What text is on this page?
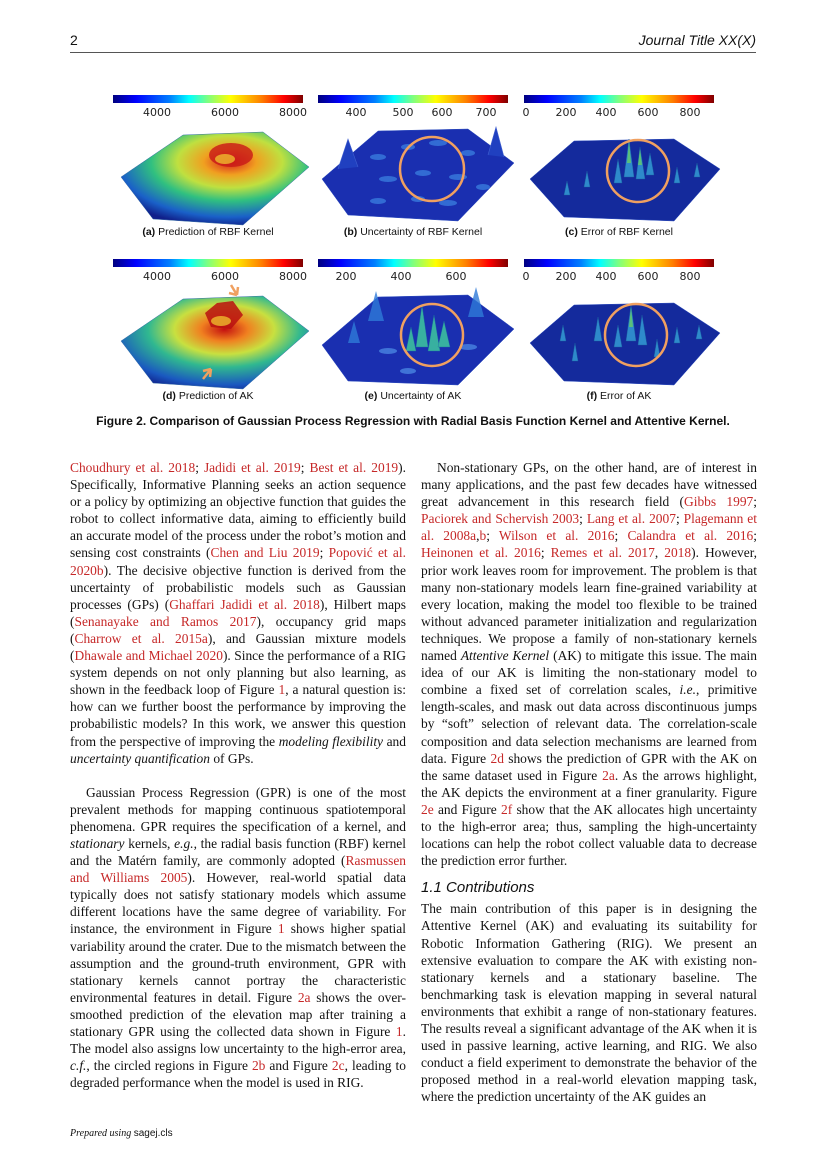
2	Journal Title XX(X)
4000	6000	8000
(a) Prediction of RBF Kernel
400 500 600 700
(b) Uncertainty of RBF Kernel
0 200 400 600 800
(c) Error of RBF Kernel
4000	6000	8000
(d) Prediction of AK
200	400	600
(e) Uncertainty of AK
0 200 400 600 800
(f) Error of AK
Figure 2. Comparison of Gaussian Process Regression with Radial Basis Function Kernel and Attentive Kernel.

Choudhury et al. 2018; Jadidi et al. 2019; Best et al. 2019). Specifically, Informative Planning seeks an action sequence or a policy by optimizing an objective function that guides the robot to collect informative data, aiming to efficiently build an accurate model of the process under the robot’s motion and sensing cost constraints (Chen and Liu 2019; Popović et al. 2020b). The decisive objective function is derived from the uncertainty of probabilistic models such as Gaussian processes (GPs) (Ghaffari Jadidi et al. 2018), Hilbert maps (Senanayake and Ramos 2017), occupancy grid maps (Charrow et al. 2015a), and Gaussian mixture models (Dhawale and Michael 2020). Since the performance of a RIG system depends on not only planning but also learning, as shown in the feedback loop of Figure 1, a natural question is: how can we further boost the performance by improving the probabilistic models? In this work, we answer this question from the perspective of improving the modeling flexibility and uncertainty quantification of GPs.

Gaussian Process Regression (GPR) is one of the most prevalent methods for mapping continuous spatiotemporal phenomena. GPR requires the specification of a kernel, and stationary kernels, e.g., the radial basis function (RBF) kernel and the Matérn family, are commonly adopted (Rasmussen and Williams 2005). However, real-world spatial data typically does not satisfy stationary models which assume different locations have the same degree of variability. For instance, the environment in Figure 1 shows higher spatial variability around the crater. Due to the mismatch between the assumption and the ground-truth environment, GPR with stationary kernels cannot portray the characteristic environmental features in detail. Figure 2a shows the over-smoothed prediction of the elevation map after training a stationary GPR using the collected data shown in Figure 1. The model also assigns low uncertainty to the high-error area, c.f., the circled regions in Figure 2b and Figure 2c, leading to degraded performance when the model is used in RIG.

Non-stationary GPs, on the other hand, are of interest in many applications, and the past few decades have witnessed great advancement in this research field (Gibbs 1997; Paciorek and Schervish 2003; Lang et al. 2007; Plagemann et al. 2008a,b; Wilson et al. 2016; Calandra et al. 2016; Heinonen et al. 2016; Remes et al. 2017, 2018). However, prior work leaves room for improvement. The problem is that many non-stationary models learn fine-grained variability at every location, making the model too flexible to be trained without advanced parameter initialization and regularization techniques. We propose a family of non-stationary kernels named Attentive Kernel (AK) to mitigate this issue. The main idea of our AK is limiting the non-stationary model to combine a fixed set of correlation scales, i.e., primitive length-scales, and mask out data across discontinuous jumps by “soft” selection of relevant data. The correlation-scale composition and data selection mechanisms are learned from data. Figure 2d shows the prediction of GPR with the AK on the same dataset used in Figure 2a. As the arrows highlight, the AK depicts the environment at a finer granularity. Figure 2e and Figure 2f show that the AK allocates high uncertainty to the high-error area; thus, sampling the high-uncertainty locations can help the robot collect valuable data to decrease the prediction error further.

1.1 Contributions

The main contribution of this paper is in designing the Attentive Kernel (AK) and evaluating its suitability for Robotic Information Gathering (RIG). We present an extensive evaluation to compare the AK with existing non-stationary kernels and a stationary baseline. The benchmarking task is elevation mapping in several natural environments that exhibit a range of non-stationary features. The results reveal a significant advantage of the AK when it is used in passive learning, active learning, and RIG. We also conduct a field experiment to demonstrate the behavior of the proposed method in a real-world elevation mapping task, where the prediction uncertainty of the AK guides an

Prepared using sagej.cls
